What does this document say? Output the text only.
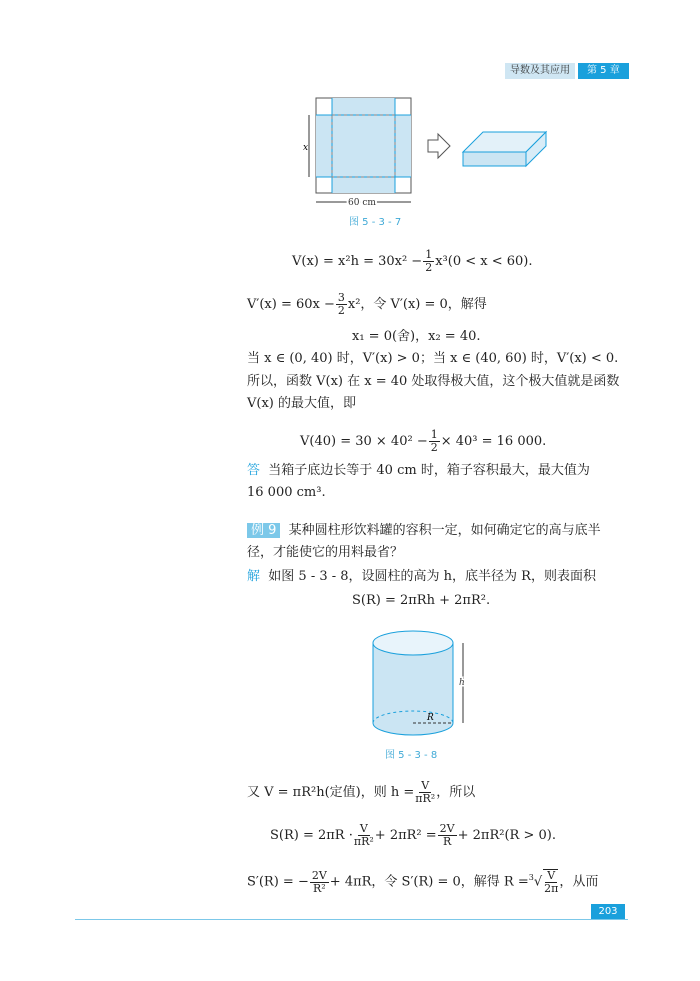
导数及其应用	第 5 章
x
60 cm
图 5 - 3 - 7
$V(x) = x^2h = 30x^2 - \frac{1}{2} x^3(0 < x < 60)$.
$V'(x) = 60x - \frac{3}{2} x^2$，令 V′(x) = 0，解得
x₁ = 0(舍)，x₂ = 40.
当 x ∈ (0, 40) 时，V′(x) > 0；当 x ∈ (40, 60) 时，V′(x) < 0.
所以，函数 V(x) 在 x = 40 处取得极大值，这个极大值就是函数
V(x) 的最大值，即
$V(40) = 30 \times 40^2 - \frac{1}{2} \times 40^3 = 16$ 000.
答 当箱子底边长等于 40 cm 时，箱子容积最大，最大值为
16 000 cm³.
例 9 某种圆柱形饮料罐的容积一定，如何确定它的高与底半
径，才能使它的用料最省？
解 如图 5 - 3 - 8，设圆柱的高为 h，底半径为 R，则表面积
S(R) = 2πRh + 2πR².
R
h
图 5 - 3 - 8
又 V = πR²h(定值)，则 $h = \frac{V}{\text{πR²}}$ ，所以
$S(R) = 2\pi R \cdot \frac{V}{\text{πR²}} + 2\pi R^2 = \frac{2V}{R} + 2\pi R^2(R > 0)$.
S′(R) = − $\frac{2V}{\text{R²}} + 4\pi R$，令 S′(R) = 0，解得 $R =^3√ \frac{V}{2\pi}$ ，从而
203
